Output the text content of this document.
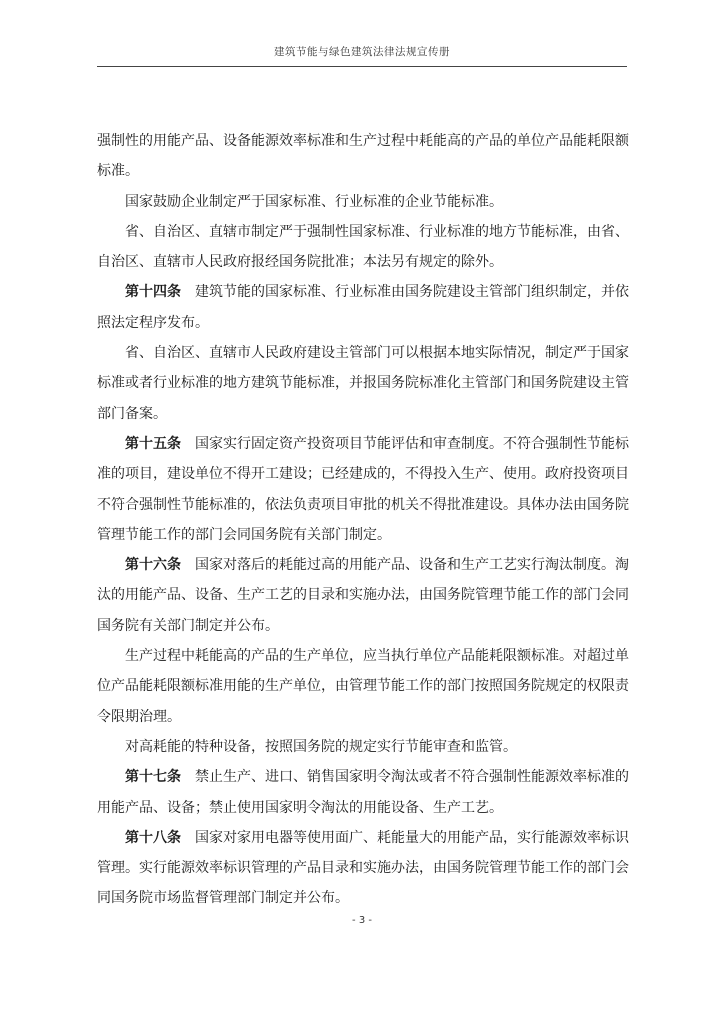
建筑节能与绿色建筑法律法规宣传册

强制性的用能产品、设备能源效率标准和生产过程中耗能高的产品的单位产品能耗限额标准。

国家鼓励企业制定严于国家标准、行业标准的企业节能标准。

省、自治区、直辖市制定严于强制性国家标准、行业标准的地方节能标准，由省、自治区、直辖市人民政府报经国务院批准；本法另有规定的除外。

第十四条 建筑节能的国家标准、行业标准由国务院建设主管部门组织制定，并依照法定程序发布。

省、自治区、直辖市人民政府建设主管部门可以根据本地实际情况，制定严于国家标准或者行业标准的地方建筑节能标准，并报国务院标准化主管部门和国务院建设主管部门备案。

第十五条 国家实行固定资产投资项目节能评估和审查制度。不符合强制性节能标准的项目，建设单位不得开工建设；已经建成的，不得投入生产、使用。政府投资项目不符合强制性节能标准的，依法负责项目审批的机关不得批准建设。具体办法由国务院管理节能工作的部门会同国务院有关部门制定。

第十六条 国家对落后的耗能过高的用能产品、设备和生产工艺实行淘汰制度。淘汰的用能产品、设备、生产工艺的目录和实施办法，由国务院管理节能工作的部门会同国务院有关部门制定并公布。

生产过程中耗能高的产品的生产单位，应当执行单位产品能耗限额标准。对超过单位产品能耗限额标准用能的生产单位，由管理节能工作的部门按照国务院规定的权限责令限期治理。

对高耗能的特种设备，按照国务院的规定实行节能审查和监管。

第十七条 禁止生产、进口、销售国家明令淘汰或者不符合强制性能源效率标准的用能产品、设备；禁止使用国家明令淘汰的用能设备、生产工艺。

第十八条 国家对家用电器等使用面广、耗能量大的用能产品，实行能源效率标识管理。实行能源效率标识管理的产品目录和实施办法，由国务院管理节能工作的部门会同国务院市场监督管理部门制定并公布。

- 3 -
